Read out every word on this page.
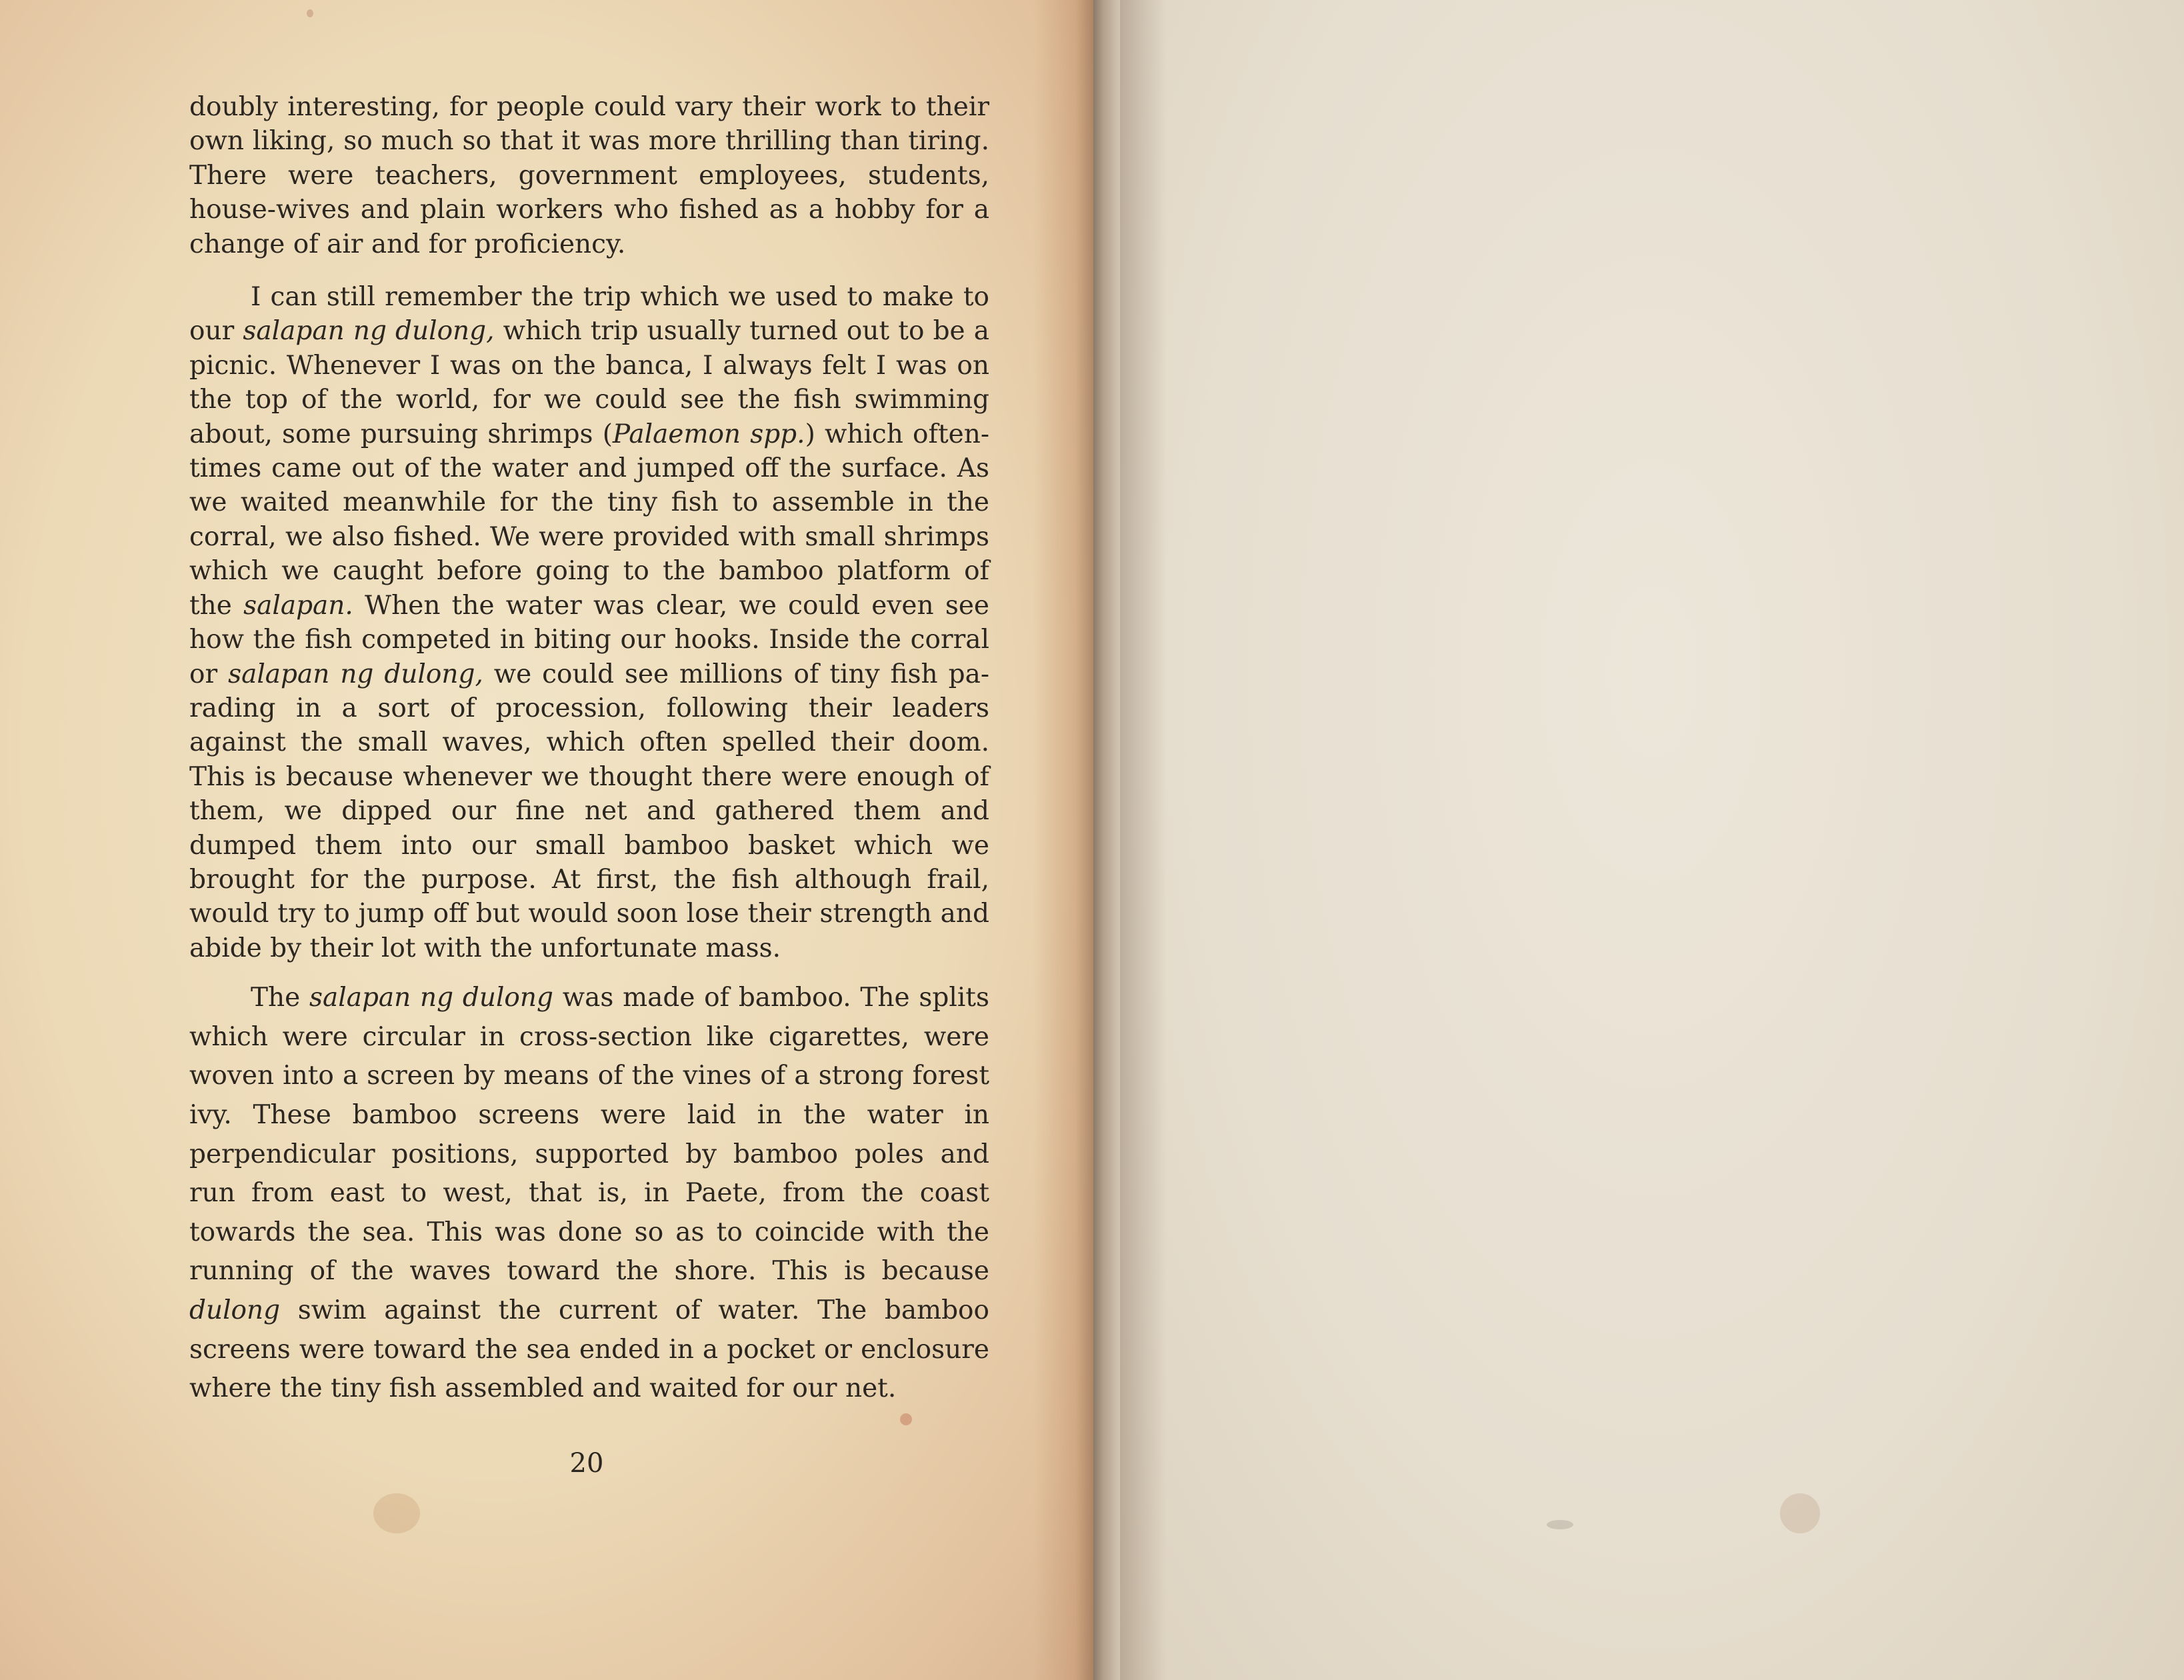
doubly interesting, for people could vary their work to their own liking, so much so that it was more thrilling than tiring. There were teachers, government employees, students, house-wives and plain workers who fished as a hobby for a change of air and for proficiency.

I can still remember the trip which we used to make to our salapan ng dulong, which trip usually turned out to be a picnic. Whenever I was on the banca, I always felt I was on the top of the world, for we could see the fish swimming about, some pursuing shrimps (Palaemon spp.) which often-times came out of the water and jumped off the surface. As we waited meanwhile for the tiny fish to assemble in the corral, we also fished. We were provided with small shrimps which we caught before going to the bamboo platform of the salapan. When the water was clear, we could even see how the fish competed in biting our hooks. Inside the corral or salapan ng dulong, we could see millions of tiny fish pa-rading in a sort of procession, following their leaders against the small waves, which often spelled their doom. This is because whenever we thought there were enough of them, we dipped our fine net and gathered them and dumped them into our small bamboo basket which we brought for the purpose. At first, the fish although frail, would try to jump off but would soon lose their strength and abide by their lot with the unfortunate mass.

The salapan ng dulong was made of bamboo. The splits which were circular in cross-section like cigarettes, were woven into a screen by means of the vines of a strong forest ivy. These bamboo screens were laid in the water in perpendicular positions, supported by bamboo poles and run from east to west, that is, in Paete, from the coast towards the sea. This was done so as to coincide with the running of the waves toward the shore. This is because dulong swim against the current of water. The bamboo screens were toward the sea ended in a pocket or enclosure where the tiny fish assembled and waited for our net.

20
